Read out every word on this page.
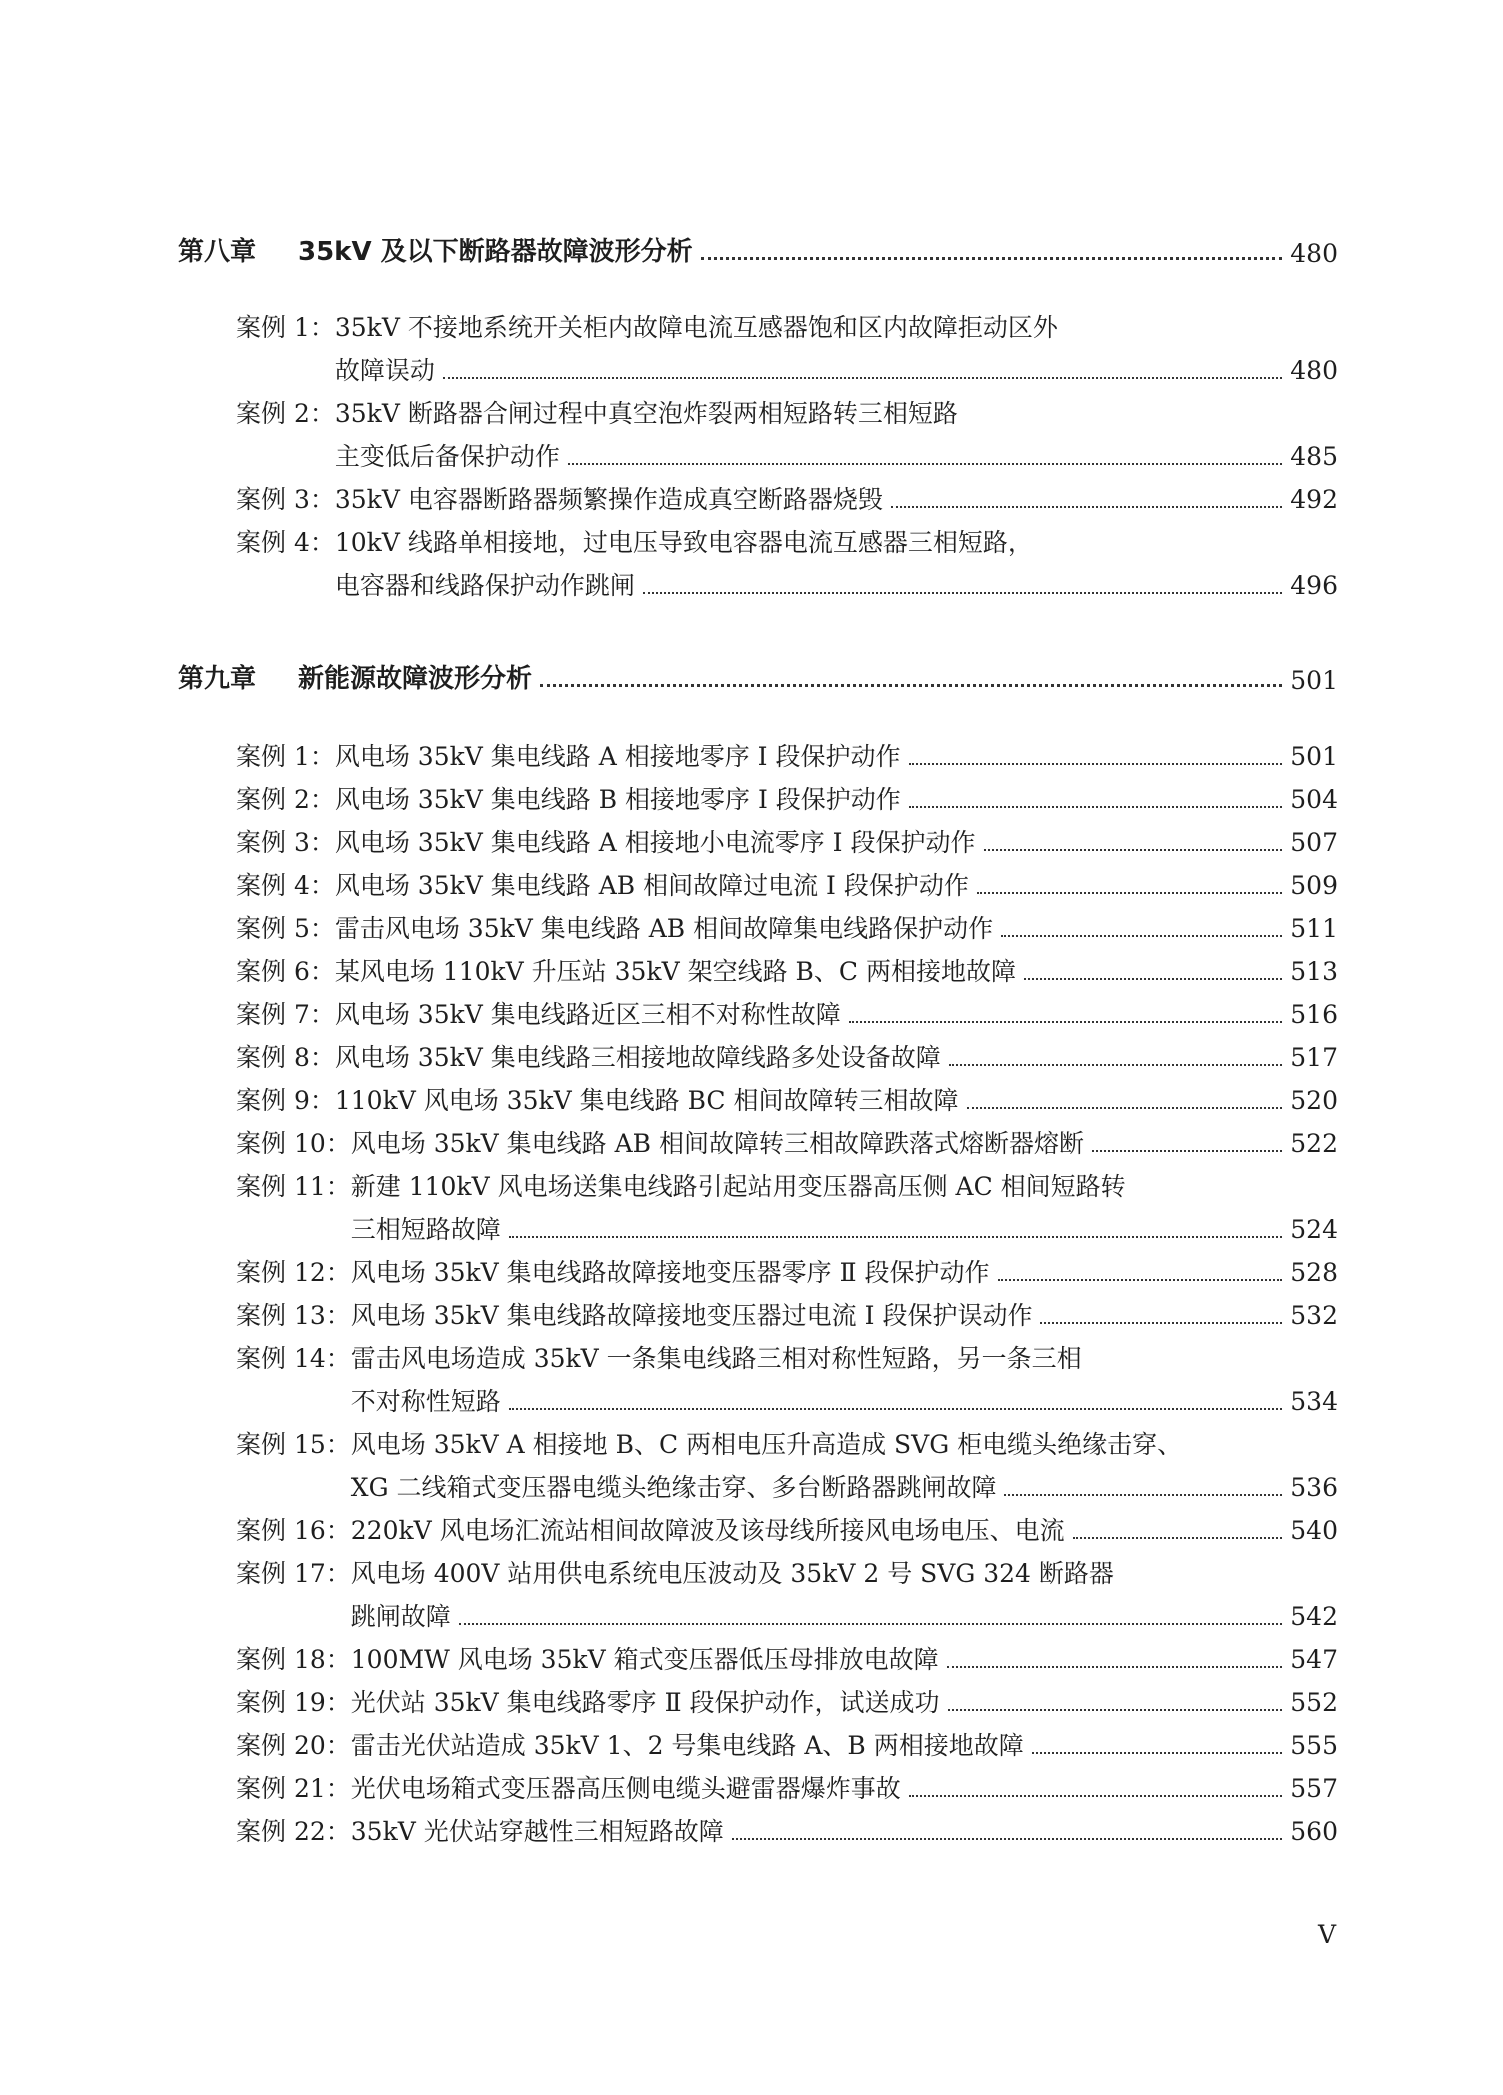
第八章	35kV 及以下断路器故障波形分析	480
案例 1： 35kV 不接地系统开关柜内故障电流互感器饱和区内故障拒动区外
故障误动	480
案例 2： 35kV 断路器合闸过程中真空泡炸裂两相短路转三相短路
主变低后备保护动作	485
案例 3： 35kV 电容器断路器频繁操作造成真空断路器烧毁	492
案例 4： 10kV 线路单相接地，过电压导致电容器电流互感器三相短路，
电容器和线路保护动作跳闸	496
第九章	新能源故障波形分析	501
案例 1： 风电场 35kV 集电线路 A 相接地零序 Ⅰ 段保护动作	501
案例 2： 风电场 35kV 集电线路 B 相接地零序 Ⅰ 段保护动作	504
案例 3： 风电场 35kV 集电线路 A 相接地小电流零序 Ⅰ 段保护动作	507
案例 4： 风电场 35kV 集电线路 AB 相间故障过电流 Ⅰ 段保护动作	509
案例 5： 雷击风电场 35kV 集电线路 AB 相间故障集电线路保护动作	511
案例 6： 某风电场 110kV 升压站 35kV 架空线路 B、C 两相接地故障	513
案例 7： 风电场 35kV 集电线路近区三相不对称性故障	516
案例 8： 风电场 35kV 集电线路三相接地故障线路多处设备故障	517
案例 9： 110kV 风电场 35kV 集电线路 BC 相间故障转三相故障	520
案例 10： 风电场 35kV 集电线路 AB 相间故障转三相故障跌落式熔断器熔断	522
案例 11： 新建 110kV 风电场送集电线路引起站用变压器高压侧 AC 相间短路转
三相短路故障	524
案例 12： 风电场 35kV 集电线路故障接地变压器零序 Ⅱ 段保护动作	528
案例 13： 风电场 35kV 集电线路故障接地变压器过电流 Ⅰ 段保护误动作	532
案例 14： 雷击风电场造成 35kV 一条集电线路三相对称性短路，另一条三相
不对称性短路	534
案例 15： 风电场 35kV A 相接地 B、C 两相电压升高造成 SVG 柜电缆头绝缘击穿、
XG 二线箱式变压器电缆头绝缘击穿、多台断路器跳闸故障	536
案例 16： 220kV 风电场汇流站相间故障波及该母线所接风电场电压、电流	540
案例 17： 风电场 400V 站用供电系统电压波动及 35kV 2 号 SVG 324 断路器
跳闸故障	542
案例 18： 100MW 风电场 35kV 箱式变压器低压母排放电故障	547
案例 19： 光伏站 35kV 集电线路零序 Ⅱ 段保护动作，试送成功	552
案例 20： 雷击光伏站造成 35kV 1、2 号集电线路 A、B 两相接地故障	555
案例 21： 光伏电场箱式变压器高压侧电缆头避雷器爆炸事故	557
案例 22： 35kV 光伏站穿越性三相短路故障	560
V
